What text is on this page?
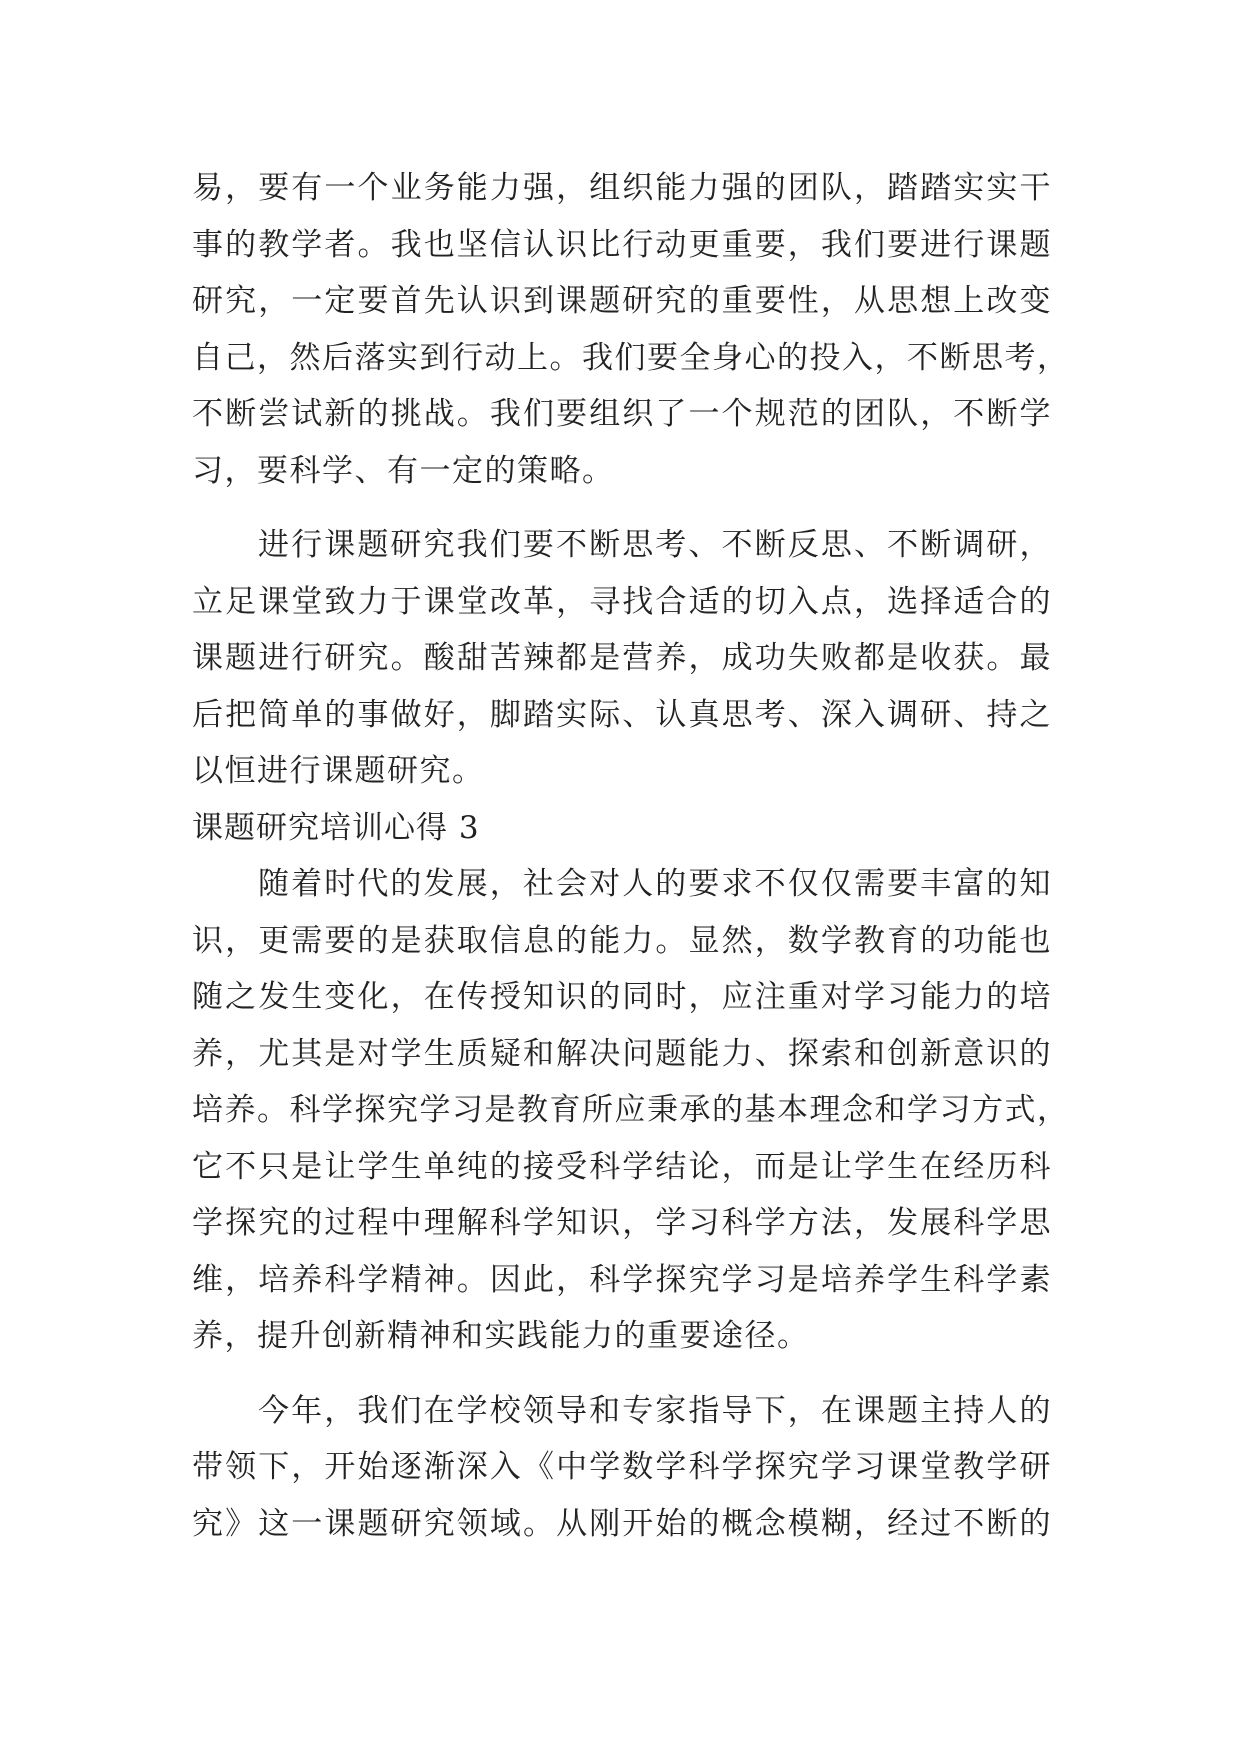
易，要有一个业务能力强，组织能力强的团队，踏踏实实干
事的教学者。我也坚信认识比行动更重要，我们要进行课题
研究，一定要首先认识到课题研究的重要性，从思想上改变
自己，然后落实到行动上。我们要全身心的投入，不断思考，
不断尝试新的挑战。我们要组织了一个规范的团队，不断学
习，要科学、有一定的策略。
进行课题研究我们要不断思考、不断反思、不断调研，
立足课堂致力于课堂改革，寻找合适的切入点，选择适合的
课题进行研究。酸甜苦辣都是营养，成功失败都是收获。最
后把简单的事做好，脚踏实际、认真思考、深入调研、持之
以恒进行课题研究。
课题研究培训心得 3
随着时代的发展，社会对人的要求不仅仅需要丰富的知
识，更需要的是获取信息的能力。显然，数学教育的功能也
随之发生变化，在传授知识的同时，应注重对学习能力的培
养，尤其是对学生质疑和解决问题能力、探索和创新意识的
培养。科学探究学习是教育所应秉承的基本理念和学习方式，
它不只是让学生单纯的接受科学结论，而是让学生在经历科
学探究的过程中理解科学知识，学习科学方法，发展科学思
维，培养科学精神。因此，科学探究学习是培养学生科学素
养，提升创新精神和实践能力的重要途径。
今年，我们在学校领导和专家指导下，在课题主持人的
带领下，开始逐渐深入《中学数学科学探究学习课堂教学研
究》这一课题研究领域。从刚开始的概念模糊，经过不断的
